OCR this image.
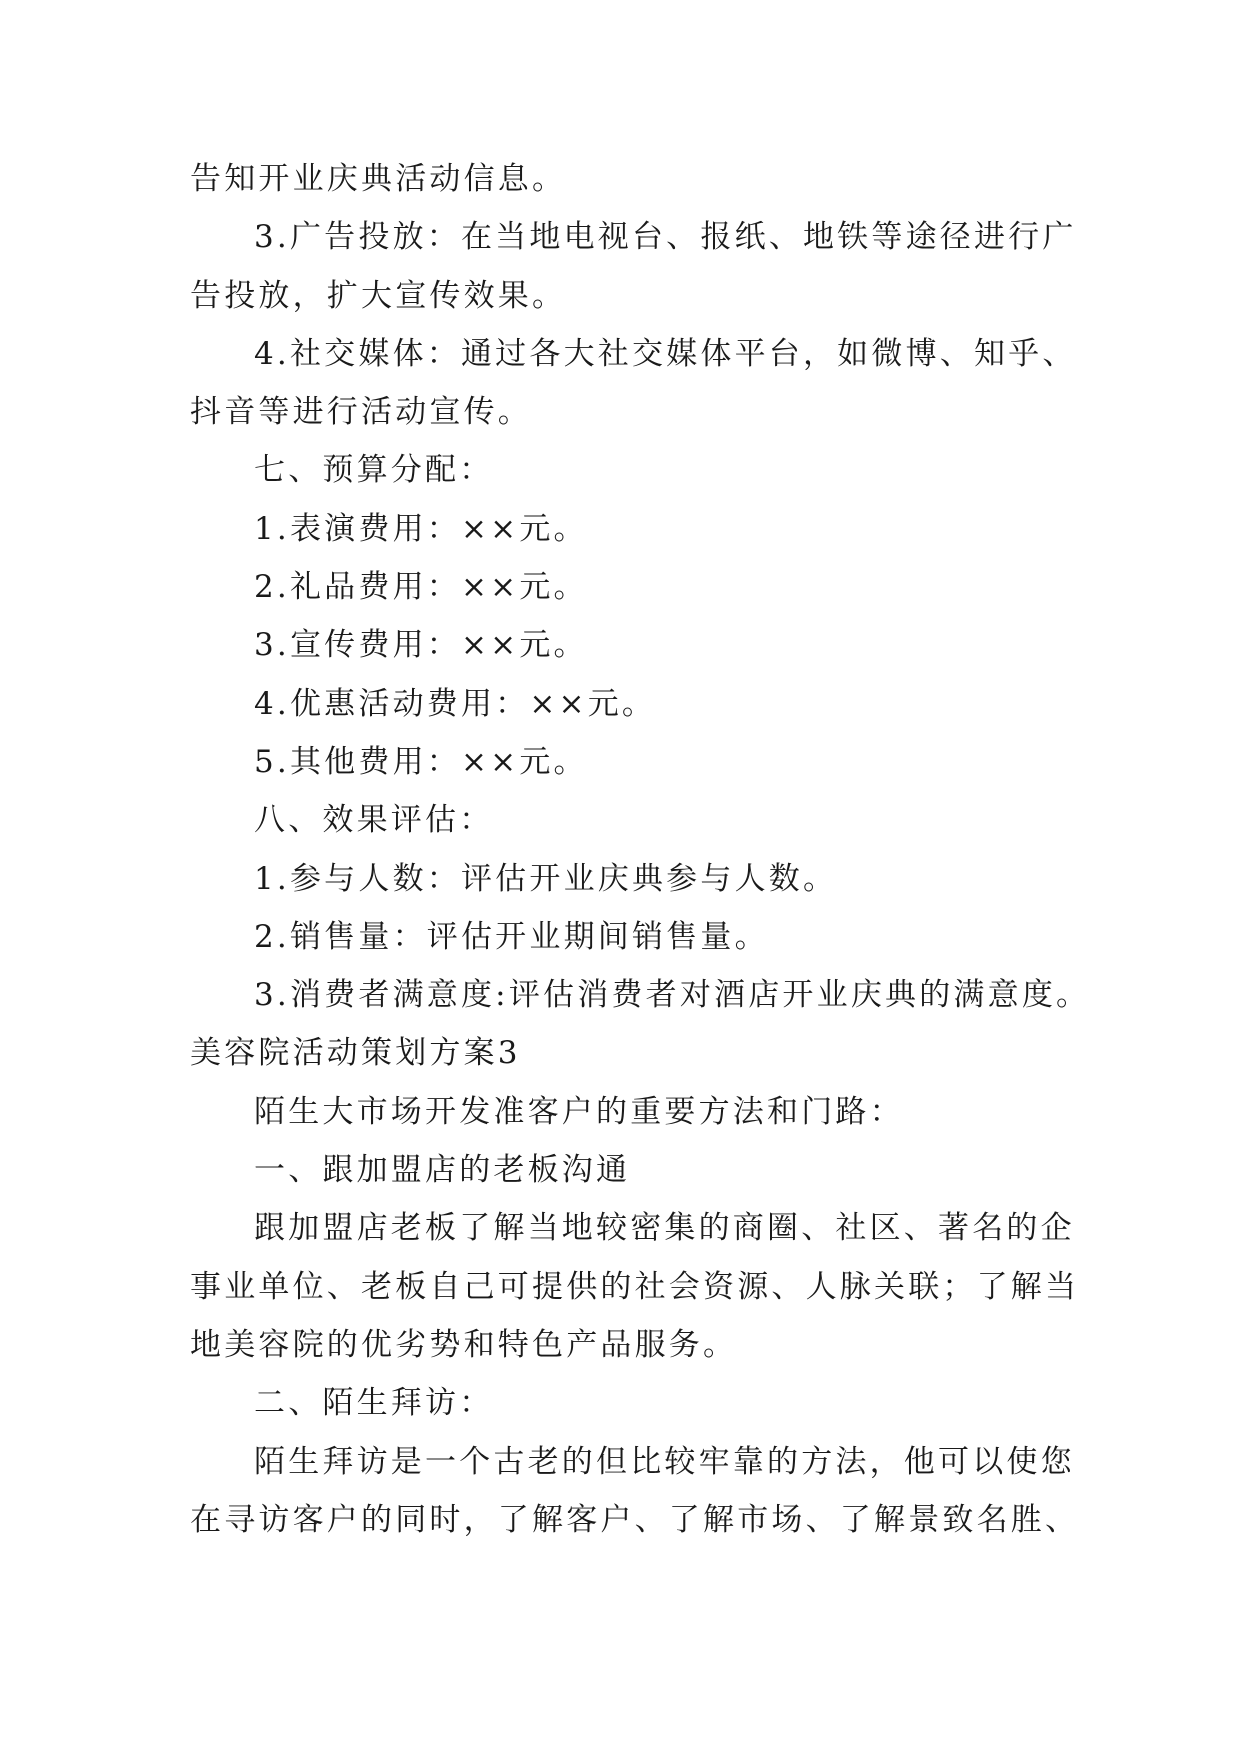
告知开业庆典活动信息。
3.广告投放：在当地电视台、报纸、地铁等途径进行广
告投放，扩大宣传效果。
4.社交媒体：通过各大社交媒体平台，如微博、知乎、
抖音等进行活动宣传。
七、预算分配：
1.表演费用：××元。
2.礼品费用：××元。
3.宣传费用：××元。
4.优惠活动费用：××元。
5.其他费用：××元。
八、效果评估：
1.参与人数：评估开业庆典参与人数。
2.销售量：评估开业期间销售量。
3.消费者满意度:评估消费者对酒店开业庆典的满意度。
美容院活动策划方案3
陌生大市场开发准客户的重要方法和门路：
一、跟加盟店的老板沟通
跟加盟店老板了解当地较密集的商圈、社区、著名的企
事业单位、老板自己可提供的社会资源、人脉关联；了解当
地美容院的优劣势和特色产品服务。
二、陌生拜访：
陌生拜访是一个古老的但比较牢靠的方法，他可以使您
在寻访客户的同时，了解客户、了解市场、了解景致名胜、
